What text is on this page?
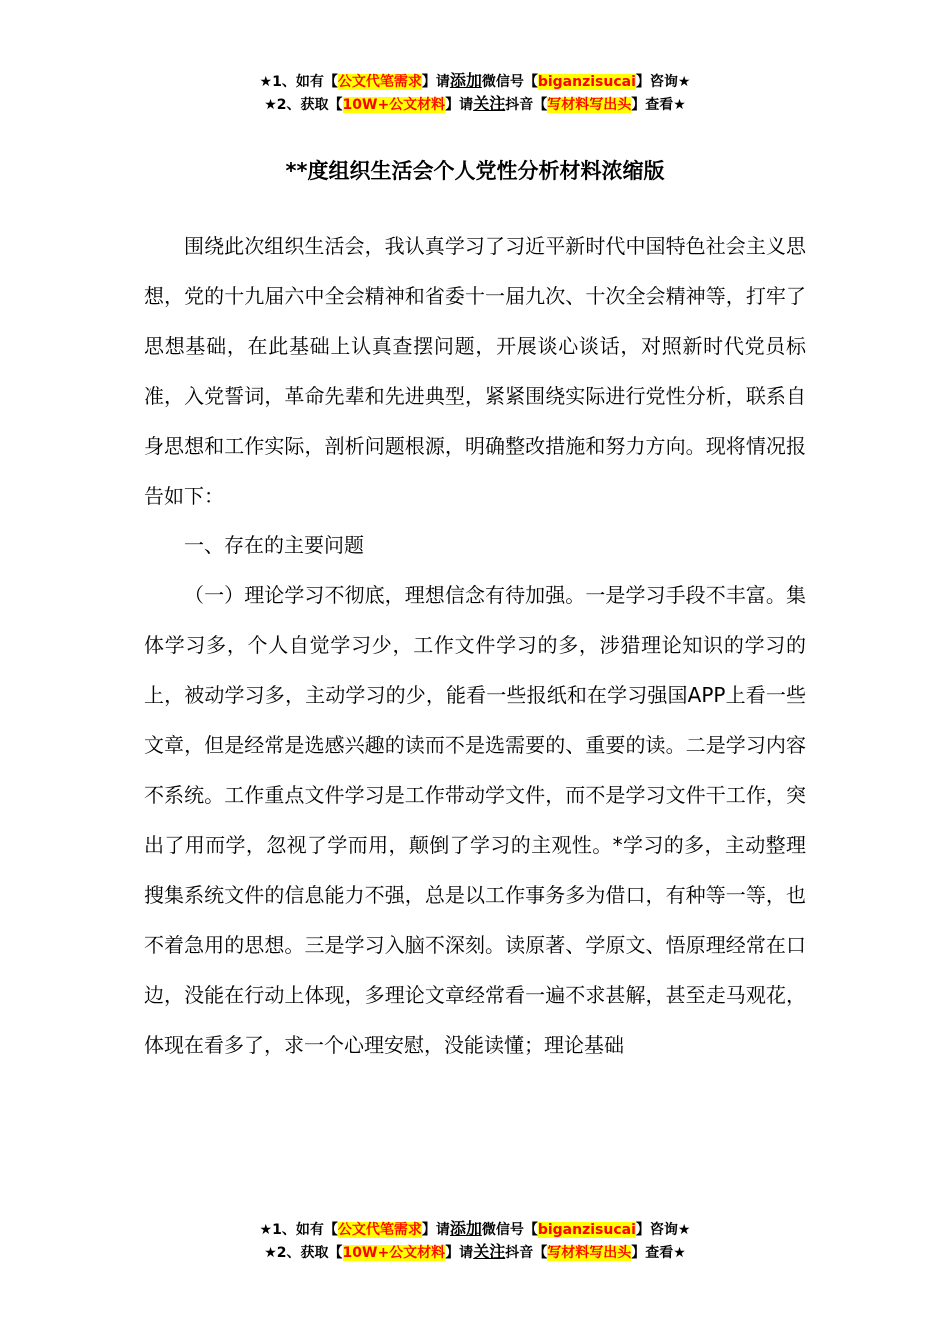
★1、如有【公文代笔需求】请添加微信号【biganzisucai】咨询★
★2、获取【10W+公文材料】请关注抖音【写材料写出头】查看★
**度组织生活会个人党性分析材料浓缩版

围绕此次组织生活会，我认真学习了习近平新时代中国特色社会主义思想，党的十九届六中全会精神和省委十一届九次、十次全会精神等，打牢了思想基础，在此基础上认真查摆问题，开展谈心谈话，对照新时代党员标准，入党誓词，革命先辈和先进典型，紧紧围绕实际进行党性分析，联系自身思想和工作实际，剖析问题根源，明确整改措施和努力方向。现将情况报告如下：

一、存在的主要问题

（一）理论学习不彻底，理想信念有待加强。一是学习手段不丰富。集体学习多，个人自觉学习少，工作文件学习的多，涉猎理论知识的学习的上，被动学习多，主动学习的少，能看一些报纸和在学习强国APP上看一些文章，但是经常是选感兴趣的读而不是选需要的、重要的读。二是学习内容不系统。工作重点文件学习是工作带动学文件，而不是学习文件干工作，突出了用而学，忽视了学而用，颠倒了学习的主观性。*学习的多，主动整理搜集系统文件的信息能力不强，总是以工作事务多为借口，有种等一等，也不着急用的思想。三是学习入脑不深刻。读原著、学原文、悟原理经常在口边，没能在行动上体现，多理论文章经常看一遍不求甚解，甚至走马观花，体现在看多了，求一个心理安慰，没能读懂；理论基础

★1、如有【公文代笔需求】请添加微信号【biganzisucai】咨询★
★2、获取【10W+公文材料】请关注抖音【写材料写出头】查看★
